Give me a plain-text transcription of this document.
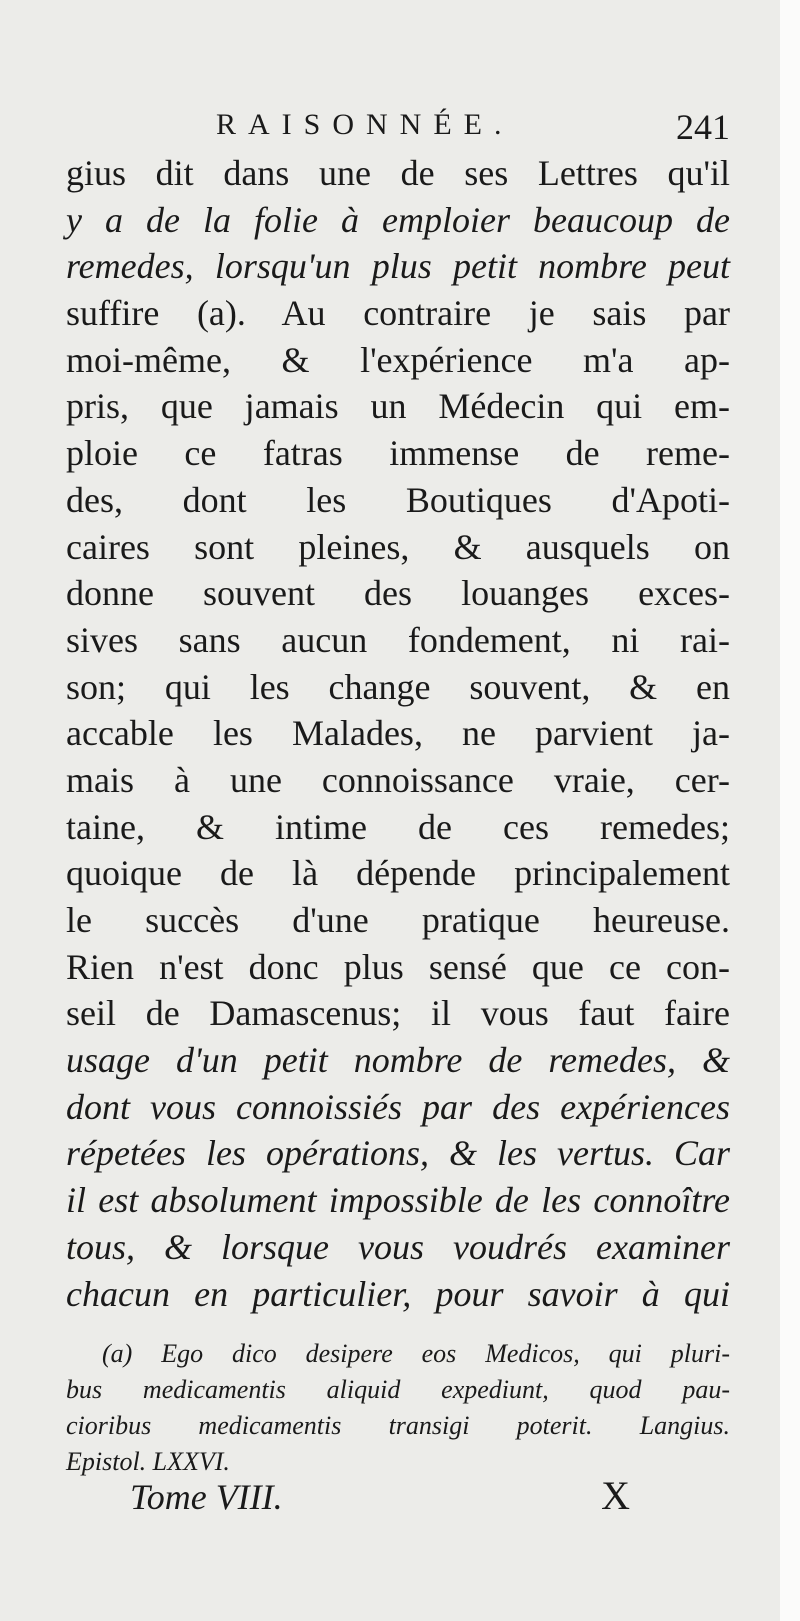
RAISONNÉE.	241
gius dit dans une de ses Lettres qu'il
y a de la folie à emploier beaucoup de
remedes, lorsqu'un plus petit nombre peut
suffire (a). Au contraire je sais par
moi-même, & l'expérience m'a ap-
pris, que jamais un Médecin qui em-
ploie ce fatras immense de reme-
des, dont les Boutiques d'Apoti-
caires sont pleines, & ausquels on
donne souvent des louanges exces-
sives sans aucun fondement, ni rai-
son; qui les change souvent, & en
accable les Malades, ne parvient ja-
mais à une connoissance vraie, cer-
taine, & intime de ces remedes;
quoique de là dépende principalement
le succès d'une pratique heureuse.
Rien n'est donc plus sensé que ce con-
seil de Damascenus; il vous faut faire
usage d'un petit nombre de remedes, &
dont vous connoissiés par des expériences
répetées les opérations, & les vertus. Car
il est absolument impossible de les connoître
tous, & lorsque vous voudrés examiner
chacun en particulier, pour savoir à qui
(a) Ego dico desipere eos Medicos, qui pluri-
bus medicamentis aliquid expediunt, quod pau-
cioribus medicamentis transigi poterit. Langius.
Epistol. LXXVI.
Tome VIII.	X
